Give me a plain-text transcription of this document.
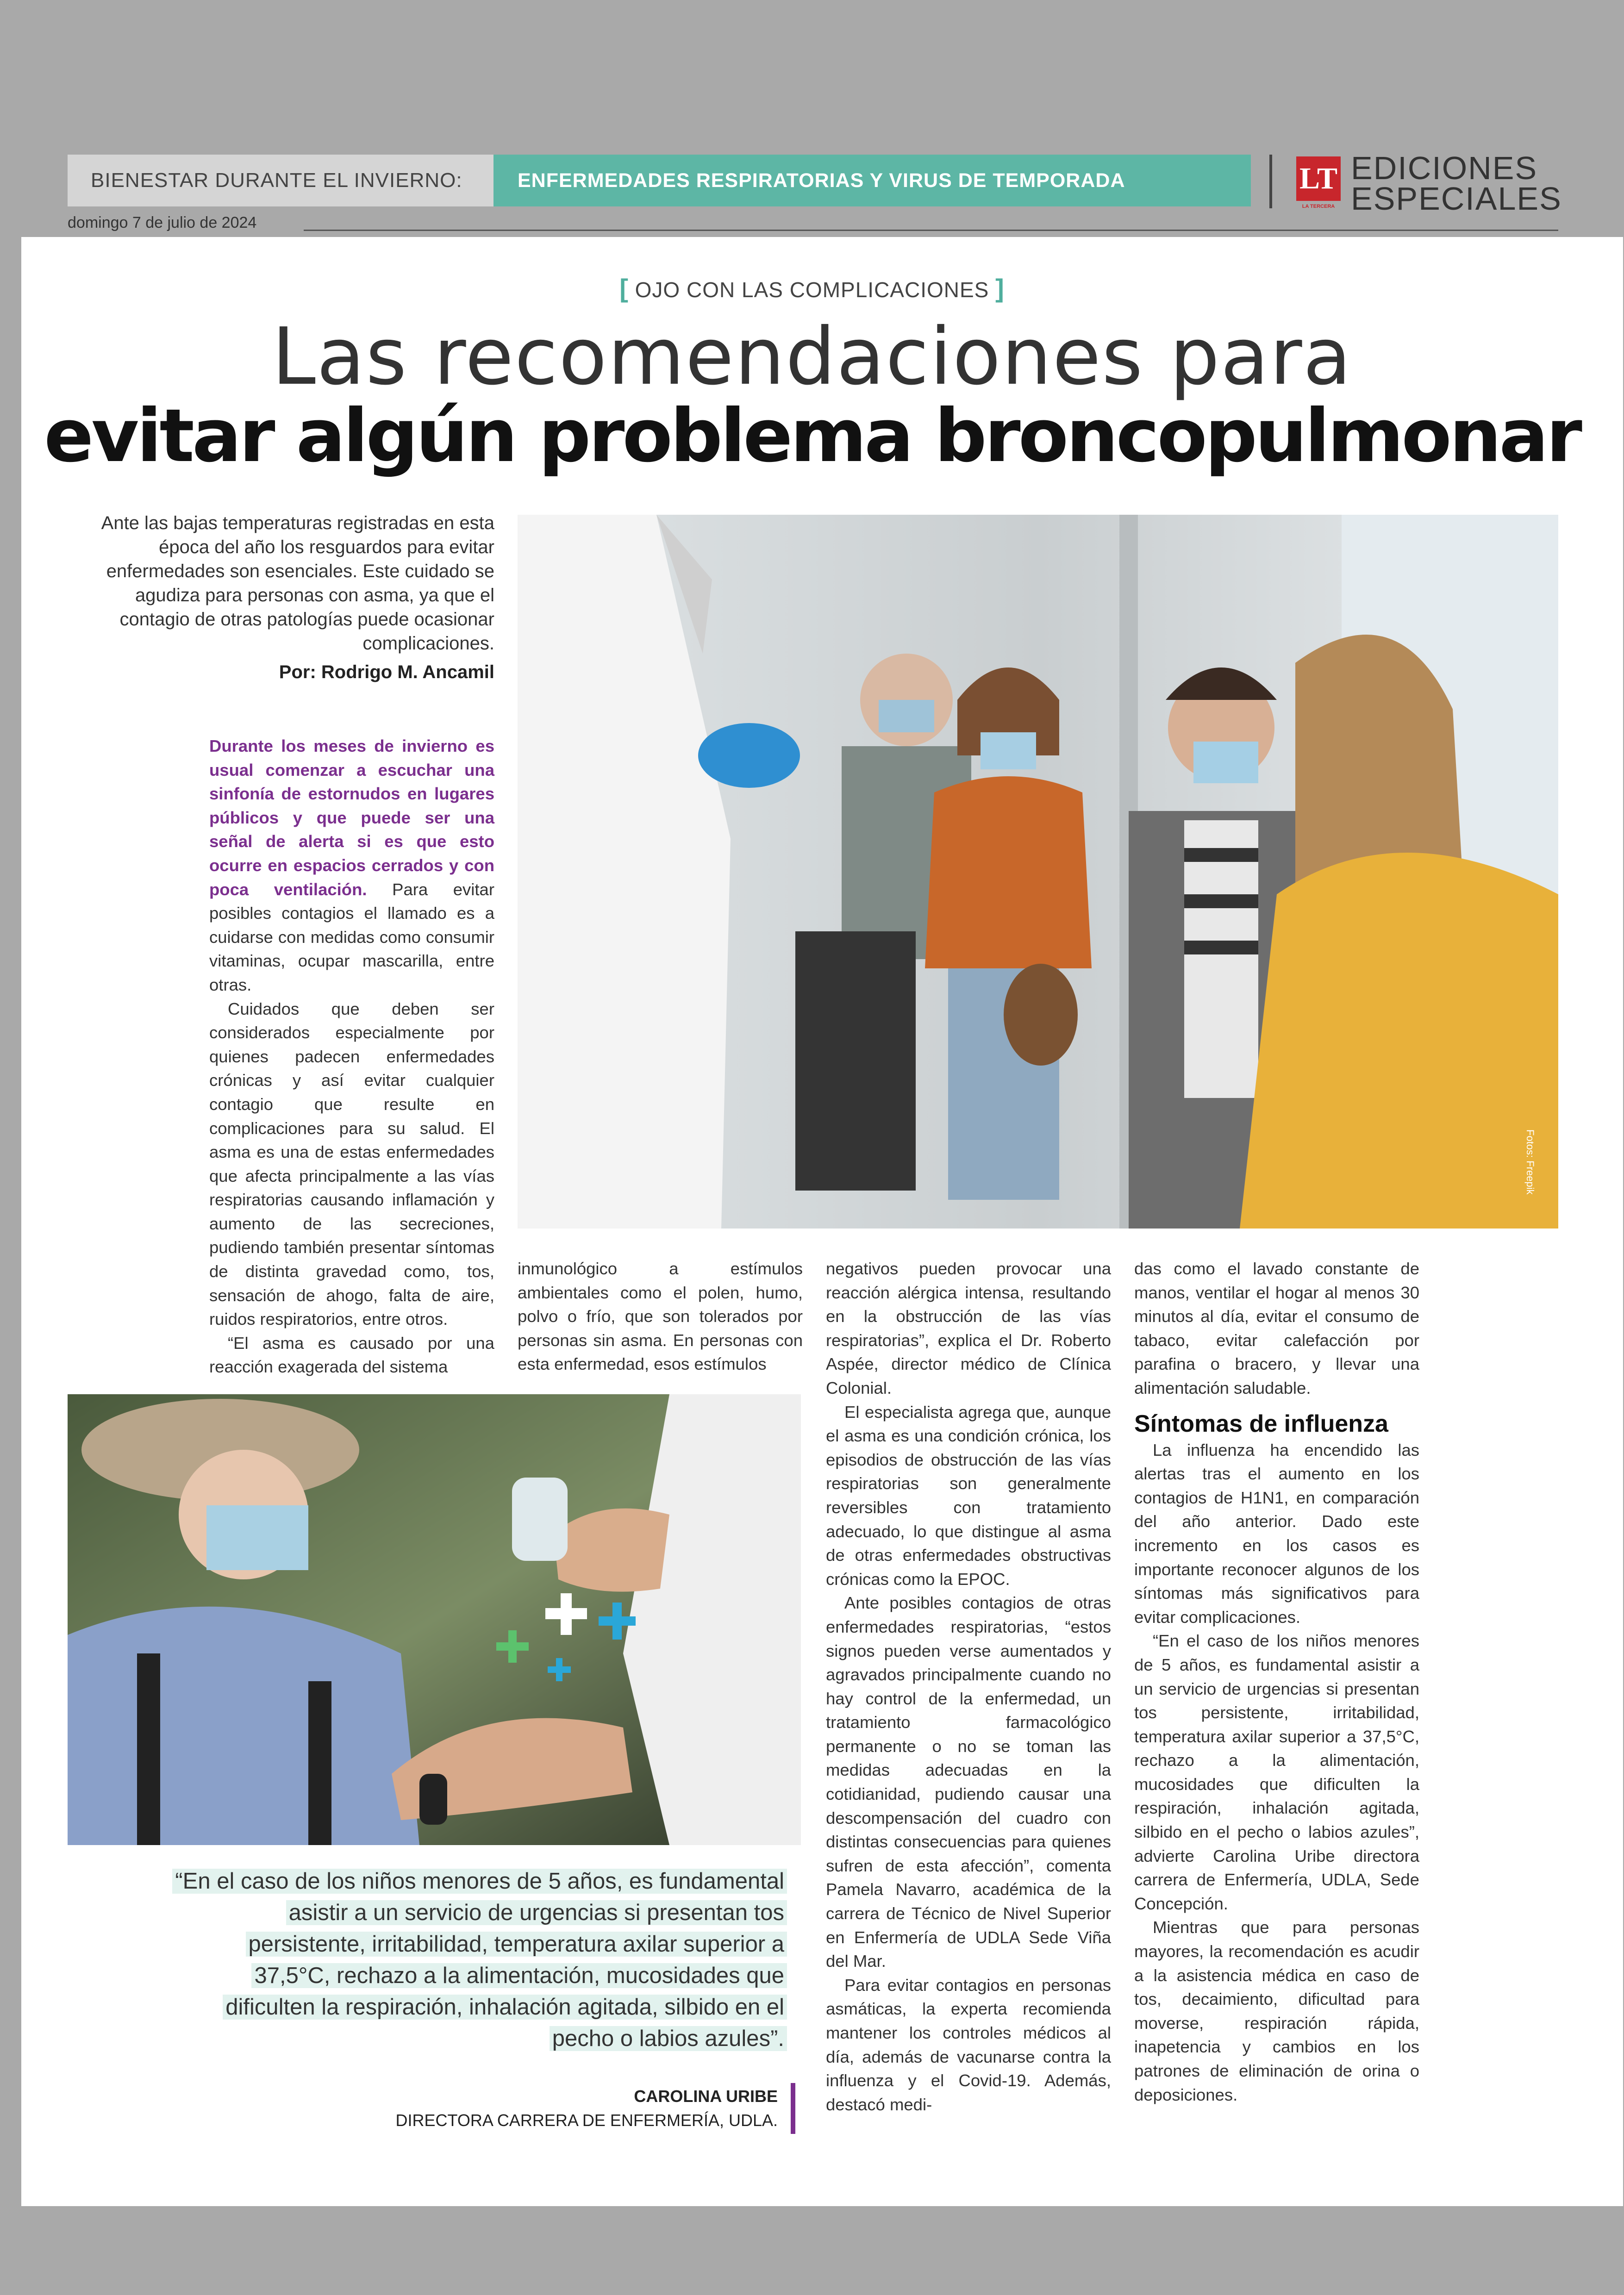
BIENESTAR DURANTE EL INVIERNO:	ENFERMEDADES RESPIRATORIAS Y VIRUS DE TEMPORADA	LT
LA TERCERA
EDICIONES
ESPECIALES
domingo 7 de julio de 2024
[ OJO CON LAS COMPLICACIONES ]
Las recomendaciones para
evitar algún problema broncopulmonar
Ante las bajas temperaturas registradas en esta época del año los resguardos para evitar enfermedades son esenciales. Este cuidado se agudiza para personas con asma, ya que el contagio de otras patologías puede ocasionar complicaciones.
Por: Rodrigo M. Ancamil
Fotos: Freepik

Durante los meses de invierno es usual comenzar a escuchar una sinfonía de estornudos en lugares públicos y que puede ser una señal de alerta si es que esto ocurre en espacios cerrados y con poca ventilación. Para evitar posibles contagios el llamado es a cuidarse con medidas como consumir vitaminas, ocupar mascarilla, entre otras.

Cuidados que deben ser considerados especialmente por quienes padecen enfermedades crónicas y así evitar cualquier contagio que resulte en complicaciones para su salud. El asma es una de estas enfermedades que afecta principalmente a las vías respiratorias causando inflamación y aumento de las secreciones, pudiendo también presentar síntomas de distinta gravedad como, tos, sensación de ahogo, falta de aire, ruidos respiratorios, entre otros.

“El asma es causado por una reacción exagerada del sistema

inmunológico a estímulos ambientales como el polen, humo, polvo o frío, que son tolerados por personas sin asma. En personas con esta enfermedad, esos estímulos

negativos pueden provocar una reacción alérgica intensa, resultando en la obstrucción de las vías respiratorias”, explica el Dr. Roberto Aspée, director médico de Clínica Colonial.

El especialista agrega que, aunque el asma es una condición crónica, los episodios de obstrucción de las vías respiratorias son generalmente reversibles con tratamiento adecuado, lo que distingue al asma de otras enfermedades obstructivas crónicas como la EPOC.

Ante posibles contagios de otras enfermedades respiratorias, “estos signos pueden verse aumentados y agravados principalmente cuando no hay control de la enfermedad, un tratamiento farmacológico permanente o no se toman las medidas adecuadas en la cotidianidad, pudiendo causar una descompensación del cuadro con distintas consecuencias para quienes sufren de esta afección”, comenta Pamela Navarro, académica de la carrera de Técnico de Nivel Superior en Enfermería de UDLA Sede Viña del Mar.

Para evitar contagios en personas asmáticas, la experta recomienda mantener los controles médicos al día, además de vacunarse contra la influenza y el Covid-19. Además, destacó medi-

das como el lavado constante de manos, ventilar el hogar al menos 30 minutos al día, evitar el consumo de tabaco, evitar calefacción por parafina o bracero, y llevar una alimentación saludable.

Síntomas de influenza

La influenza ha encendido las alertas tras el aumento en los contagios de H1N1, en comparación del año anterior. Dado este incremento en los casos es importante reconocer algunos de los síntomas más significativos para evitar complicaciones.

“En el caso de los niños menores de 5 años, es fundamental asistir a un servicio de urgencias si presentan tos persistente, irritabilidad, temperatura axilar superior a 37,5°C, rechazo a la alimentación, mucosidades que dificulten la respiración, inhalación agitada, silbido en el pecho o labios azules”, advierte Carolina Uribe directora carrera de Enfermería, UDLA, Sede Concepción.

Mientras que para personas mayores, la recomendación es acudir a la asistencia médica en caso de tos, decaimiento, dificultad para moverse, respiración rápida, inapetencia y cambios en los patrones de eliminación de orina o deposiciones.

“En el caso de los niños menores de 5 años, es fundamental asistir a un servicio de urgencias si presentan tos persistente, irritabilidad, temperatura axilar superior a 37,5°C, rechazo a la alimentación, mucosidades que dificulten la respiración, inhalación agitada, silbido en el pecho o labios azules”.
CAROLINA URIBE
DIRECTORA CARRERA DE ENFERMERÍA, UDLA.
